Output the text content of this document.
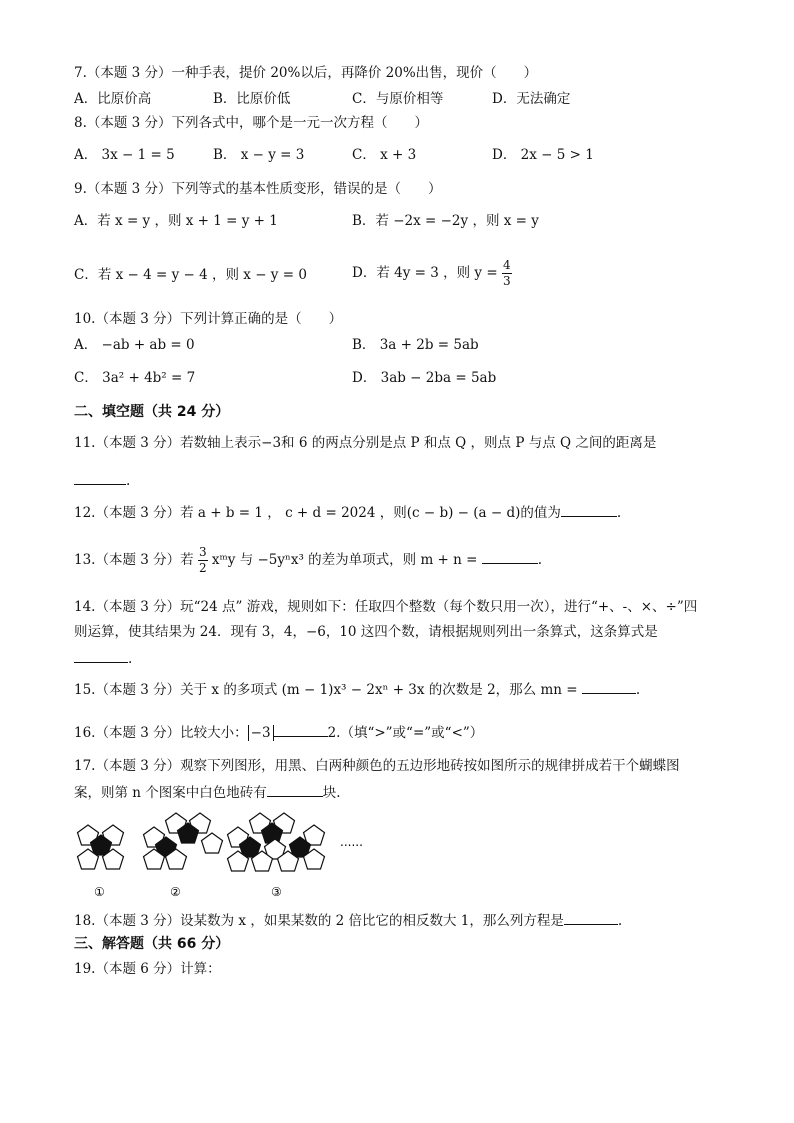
7.（本题 3 分）一种手表，提价 20%以后，再降价 20%出售，现价（　　）
A．比原价高	B．比原价低	C．与原价相等	D．无法确定
8.（本题 3 分）下列各式中，哪个是一元一次方程（　　）
A． 3x − 1 = 5	B． x − y = 3	C． x + 3	D． 2x − 5 > 1
9.（本题 3 分）下列等式的基本性质变形，错误的是（　　）
A．若 x = y ，则 x + 1 = y + 1	B．若 −2x = −2y ，则 x = y
C．若 x − 4 = y − 4 ，则 x − y = 0	D．若 4y = 3 ，则 $y = \frac{4}{3}$
10.（本题 3 分）下列计算正确的是（　　）
A． −ab + ab = 0	B． 3a + 2b = 5ab
C． 3a² + 4b² = 7	D． 3ab − 2ba = 5ab
二、填空题（共 24 分）
11.（本题 3 分）若数轴上表示−3和 6 的两点分别是点 P 和点 Q ，则点 P 与点 Q 之间的距离是
.
12.（本题 3 分）若 a + b = 1 ， c + d = 2024 ，则(c − b) − (a − d)的值为	.
13.（本题 3 分）若 $\frac{3}{2}$ xᵐy 与 −5yⁿx³ 的差为单项式，则 m + n =	.
14.（本题 3 分）玩“24 点” 游戏，规则如下：任取四个整数（每个数只用一次），进行“+、-、×、÷”四
则运算，使其结果为 24．现有 3，4，−6，10 这四个数，请根据规则列出一条算式，这条算式是
.
15.（本题 3 分）关于 x 的多项式 (m − 1)x³ − 2xⁿ + 3x 的次数是 2，那么 mn =	.
16.（本题 3 分）比较大小： −3	2.（填“>”或“=”或“<”）
17.（本题 3 分）观察下列图形，用黑、白两种颜色的五边形地砖按如图所示的规律拼成若干个蝴蝶图
案，则第 n 个图案中白色地砖有	块.
......
①	②	③
18.（本题 3 分）设某数为 x ，如果某数的 2 倍比它的相反数大 1，那么列方程是	.
三、解答题（共 66 分）
19.（本题 6 分）计算：
